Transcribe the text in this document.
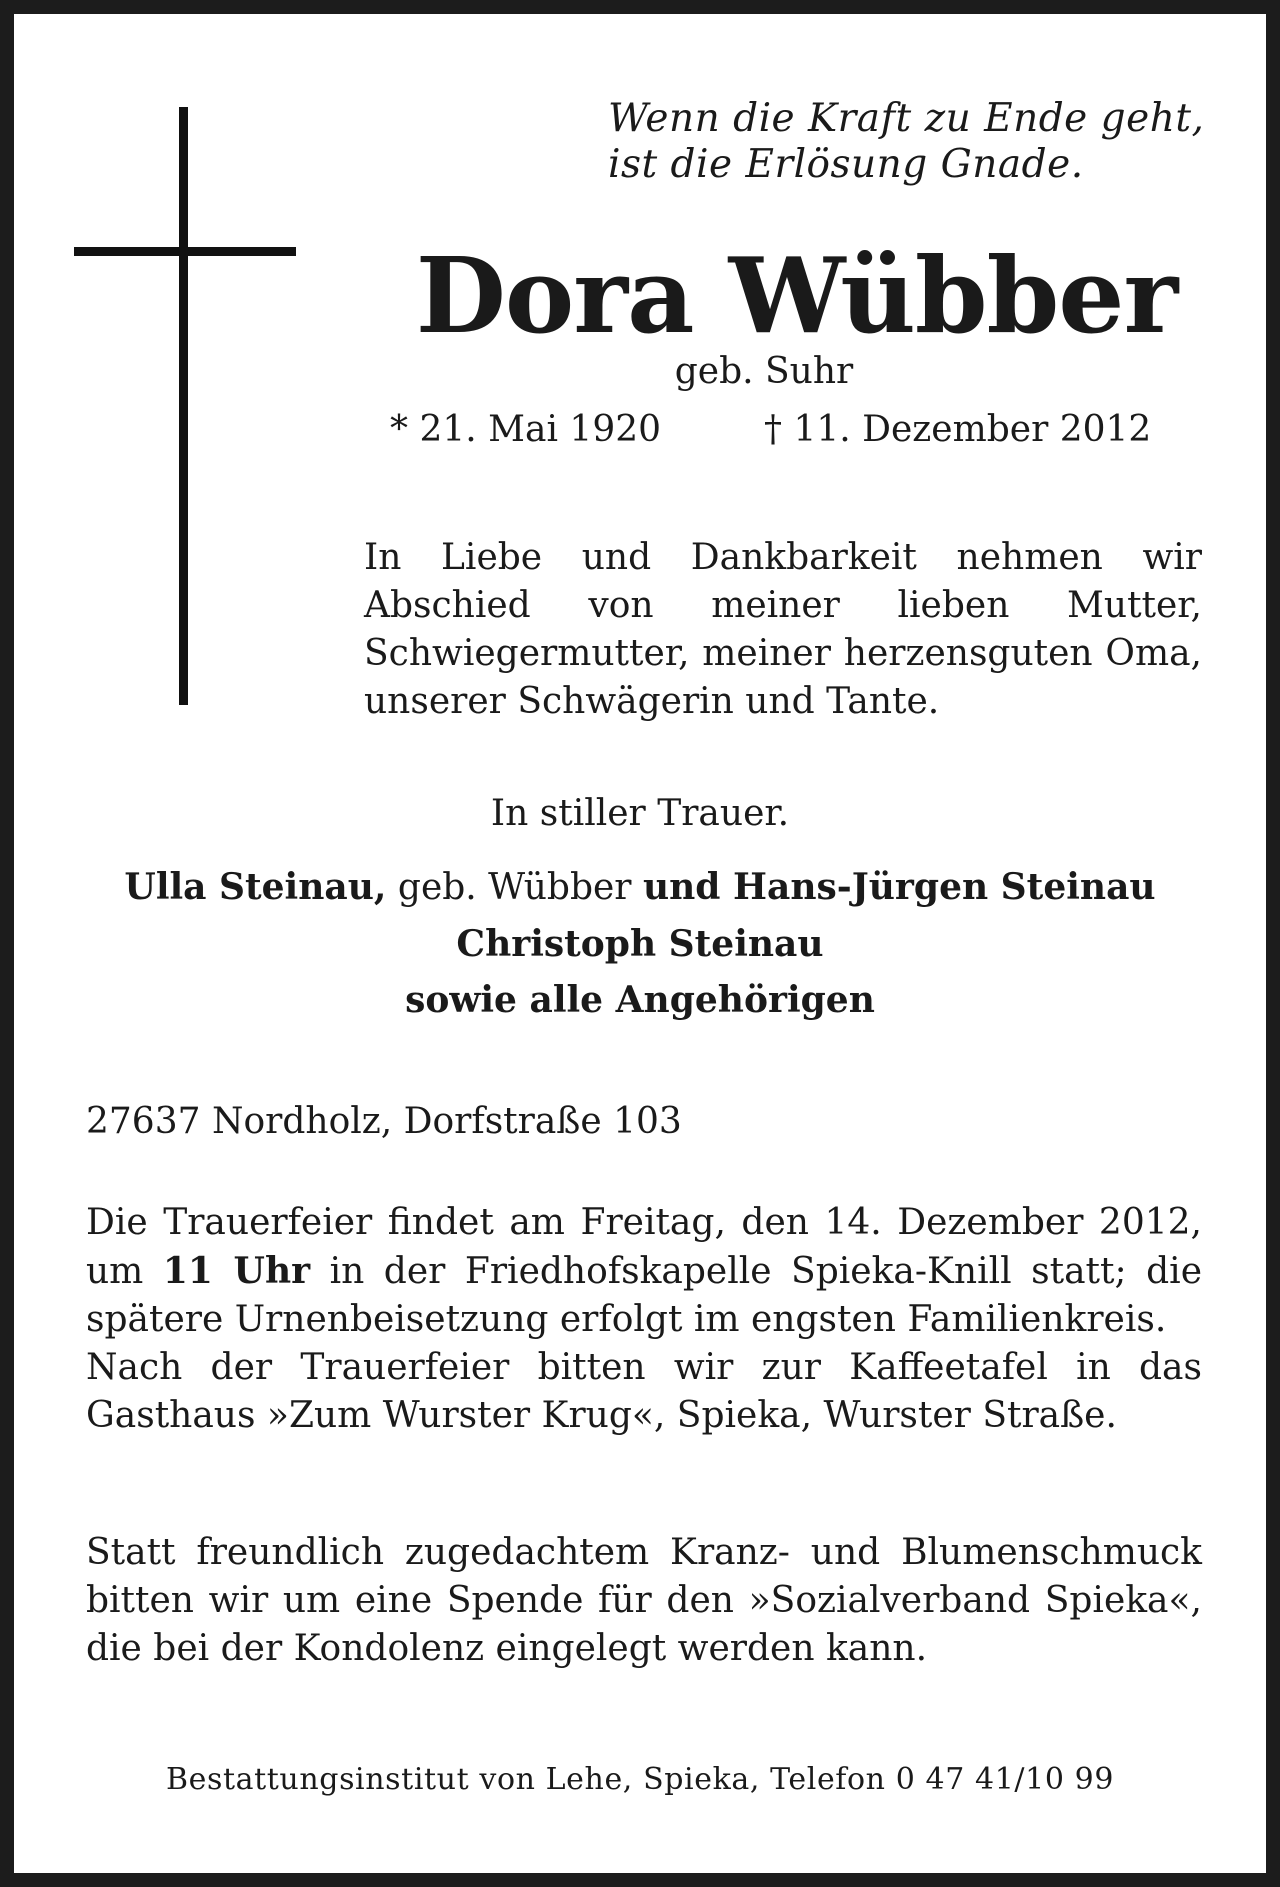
Wenn die Kraft zu Ende geht,
ist die Erlösung Gnade.
Dora Wübber
geb. Suhr
* 21. Mai 1920	† 11. Dezember 2012
In Liebe und Dankbarkeit nehmen wir Abschied von meiner lieben Mutter, Schwiegermutter, meiner herzensguten Oma, unserer Schwägerin und Tante.
In stiller Trauer.
Ulla Steinau, geb. Wübber und Hans-Jürgen Steinau
Christoph Steinau
sowie alle Angehörigen
27637 Nordholz, Dorfstraße 103

Die Trauerfeier findet am Freitag, den 14. Dezember 2012, um 11 Uhr in der Friedhofskapelle Spieka-Knill statt; die spätere Urnenbeisetzung erfolgt im engsten Familienkreis.

Nach der Trauerfeier bitten wir zur Kaffeetafel in das Gasthaus »Zum Wurster Krug«, Spieka, Wurster Straße.

Statt freundlich zugedachtem Kranz- und Blumenschmuck bitten wir um eine Spende für den »Sozialverband Spieka«, die bei der Kondolenz eingelegt werden kann.
Bestattungsinstitut von Lehe, Spieka, Telefon 0 47 41/10 99
